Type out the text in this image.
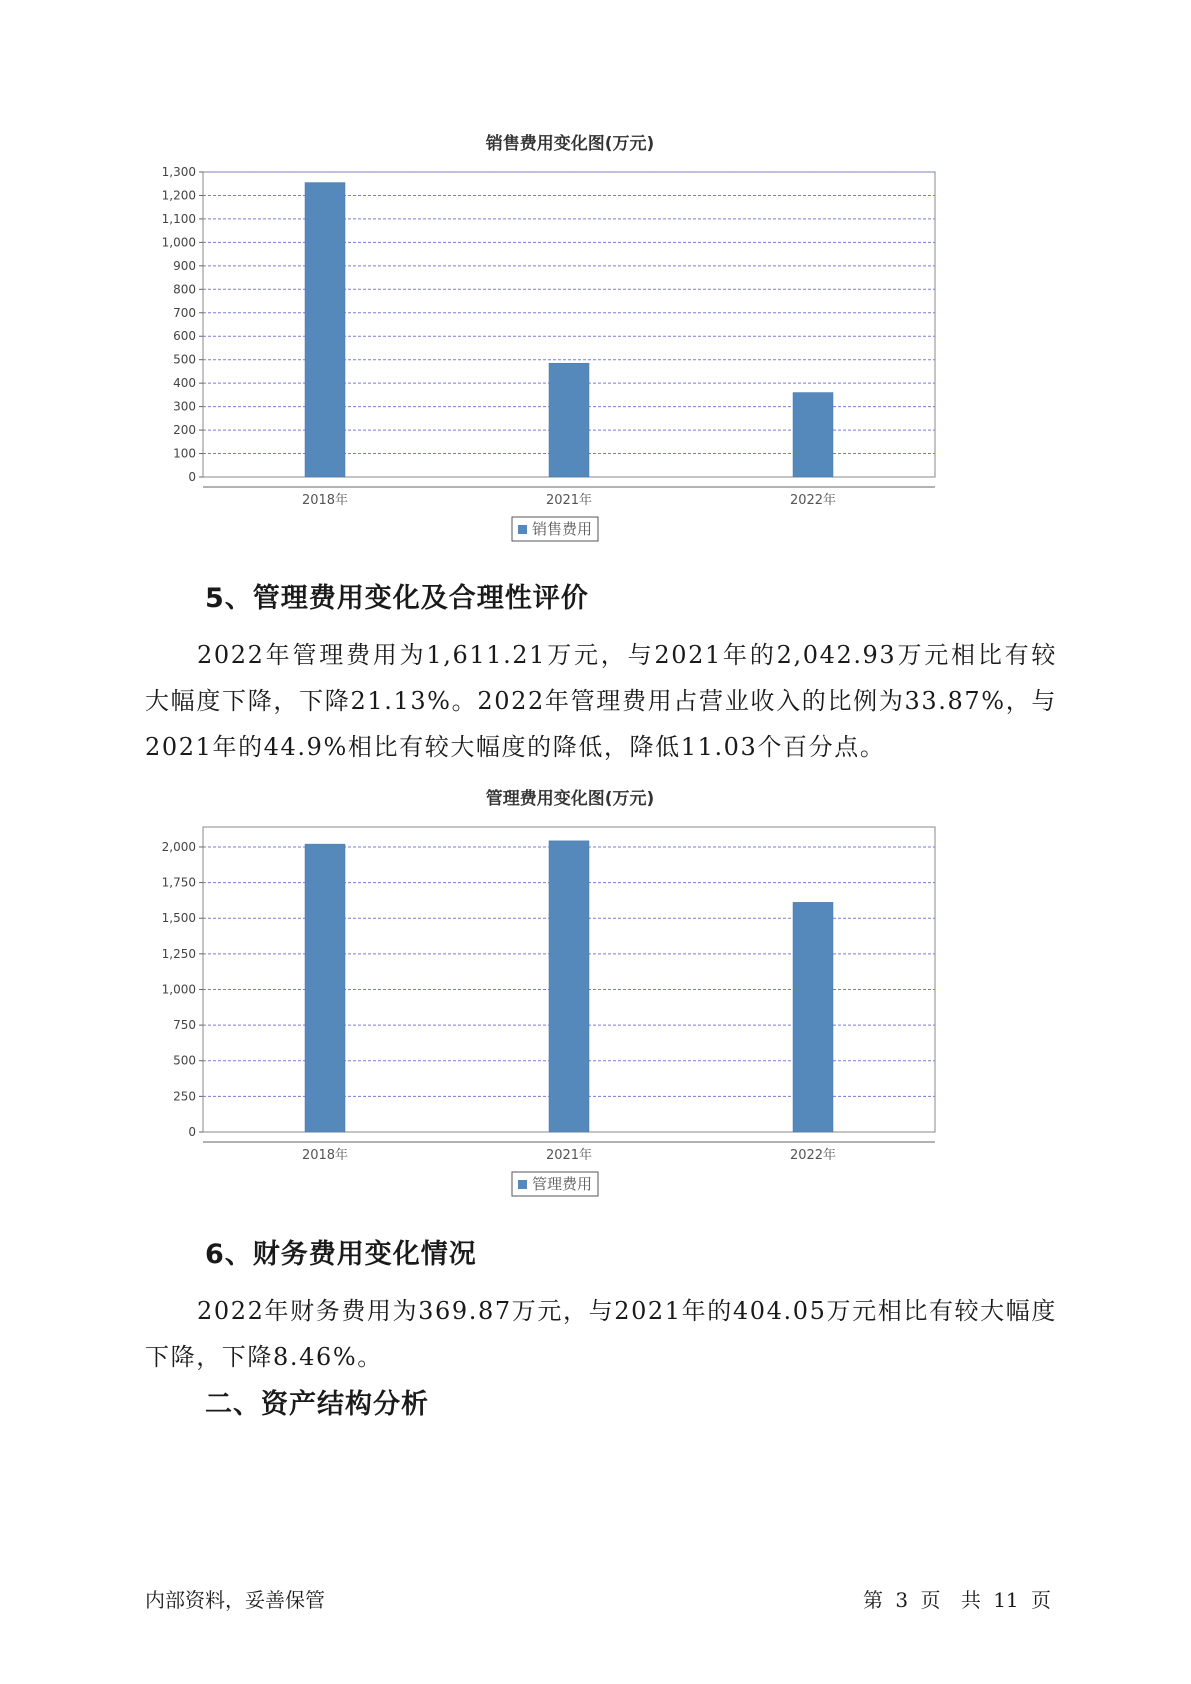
销售费用变化图(万元)
0
100
200
300
400
500
600
700
800
900
1,000
1,100
1,200
1,300
2018年	2021年	2022年
销售费用
5、管理费用变化及合理性评价

2022年管理费用为1,611.21万元，与2021年的2,042.93万元相比有较大幅度下降，下降21.13%。2022年管理费用占营业收入的比例为33.87%，与2021年的44.9%相比有较大幅度的降低，降低11.03个百分点。

管理费用变化图(万元)
0
250
500
750
1,000
1,250
1,500
1,750
2,000
2018年	2021年	2022年
管理费用
6、财务费用变化情况

2022年财务费用为369.87万元，与2021年的404.05万元相比有较大幅度下降，下降8.46%。

二、资产结构分析
内部资料，妥善保管	第 3 页 共 11 页
